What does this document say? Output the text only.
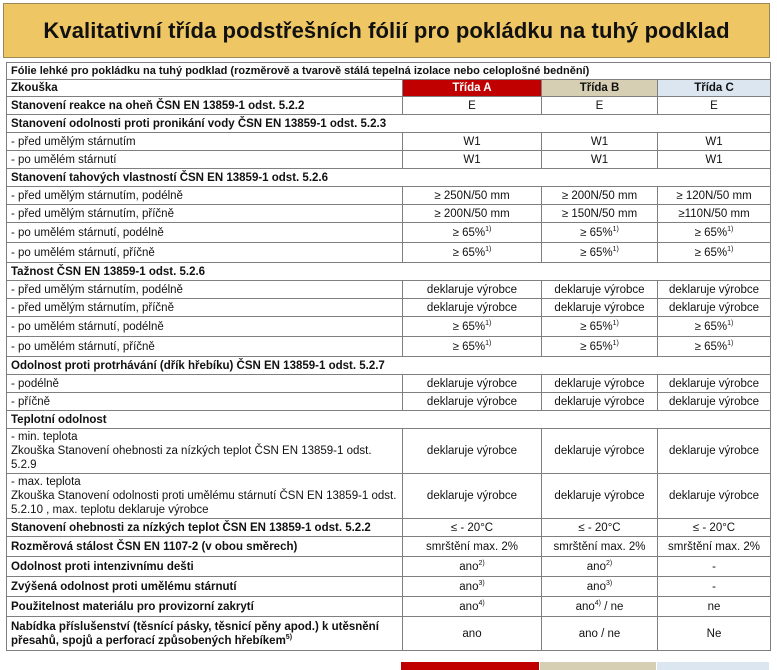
Kvalitativní třída podstřešních fólií pro pokládku na tuhý podklad
Fólie lehké pro pokládku na tuhý podklad (rozměrově a tvarově stálá tepelná izolace nebo celoplošné bednění)			
Zkouška	Třída A	Třída B	Třída C
Stanovení reakce na oheň ČSN EN 13859-1 odst. 5.2.2	E	E	E
Stanovení odolnosti proti pronikání vody ČSN EN 13859-1 odst. 5.2.3			
- před umělým stárnutím	W1	W1	W1
- po umělém stárnutí	W1	W1	W1
Stanovení tahových vlastností ČSN EN 13859-1 odst. 5.2.6			
- před umělým stárnutím, podélně	≥ 250N/50 mm	≥ 200N/50 mm	≥ 120N/50 mm
- před umělým stárnutím, příčně	≥ 200N/50 mm	≥ 150N/50 mm	≥110N/50 mm
- po umělém stárnutí, podélně	≥ 65%$^{1)}$	≥ 65%$^{1)}$	≥ 65%$^{1)}$
- po umělém stárnutí, příčně	≥ 65%$^{1)}$	≥ 65%$^{1)}$	≥ 65%$^{1)}$
Tažnost ČSN EN 13859-1 odst. 5.2.6			
- před umělým stárnutím, podélně	deklaruje výrobce	deklaruje výrobce	deklaruje výrobce
- před umělým stárnutím, příčně	deklaruje výrobce	deklaruje výrobce	deklaruje výrobce
- po umělém stárnutí, podélně	≥ 65%$^{1)}$	≥ 65%$^{1)}$	≥ 65%$^{1)}$
- po umělém stárnutí, příčně	≥ 65%$^{1)}$	≥ 65%$^{1)}$	≥ 65%$^{1)}$
Odolnost proti protrhávání (dřík hřebíku) ČSN EN 13859-1 odst. 5.2.7			
- podélně	deklaruje výrobce	deklaruje výrobce	deklaruje výrobce
- příčně	deklaruje výrobce	deklaruje výrobce	deklaruje výrobce
Teplotní odolnost			

- min. teplota
Zkouška Stanovení ohebnosti za nízkých teplot ČSN EN 13859-1 odst. 5.2.9	deklaruje výrobce	deklaruje výrobce	deklaruje výrobce

- max. teplota
Zkouška Stanovení odolnosti proti umělému stárnutí ČSN EN 13859-1 odst. 5.2.10 , max. teplotu deklaruje výrobce	deklaruje výrobce	deklaruje výrobce	deklaruje výrobce
Stanovení ohebnosti za nízkých teplot ČSN EN 13859-1 odst. 5.2.2	≤ - 20°C	≤ - 20°C	≤ - 20°C
Rozměrová stálost ČSN EN 1107-2 (v obou směrech)	smrštění max. 2%	smrštění max. 2%	smrštění max. 2%
Odolnost proti intenzivnímu dešti	ano$^{2)}$	ano$^{2)}$	-
Zvýšená odolnost proti umělému stárnutí	ano$^{3)}$	ano$^{3)}$	-
Použitelnost materiálu pro provizorní zakrytí	ano$^{4)}$	ano$^{4)}$ / ne	ne
Nabídka příslušenství (těsnící pásky, těsnicí pěny apod.) k utěsnění přesahů, spojů a perforací způsobených hřebíkem$^{5)}$	ano	ano / ne	Ne
